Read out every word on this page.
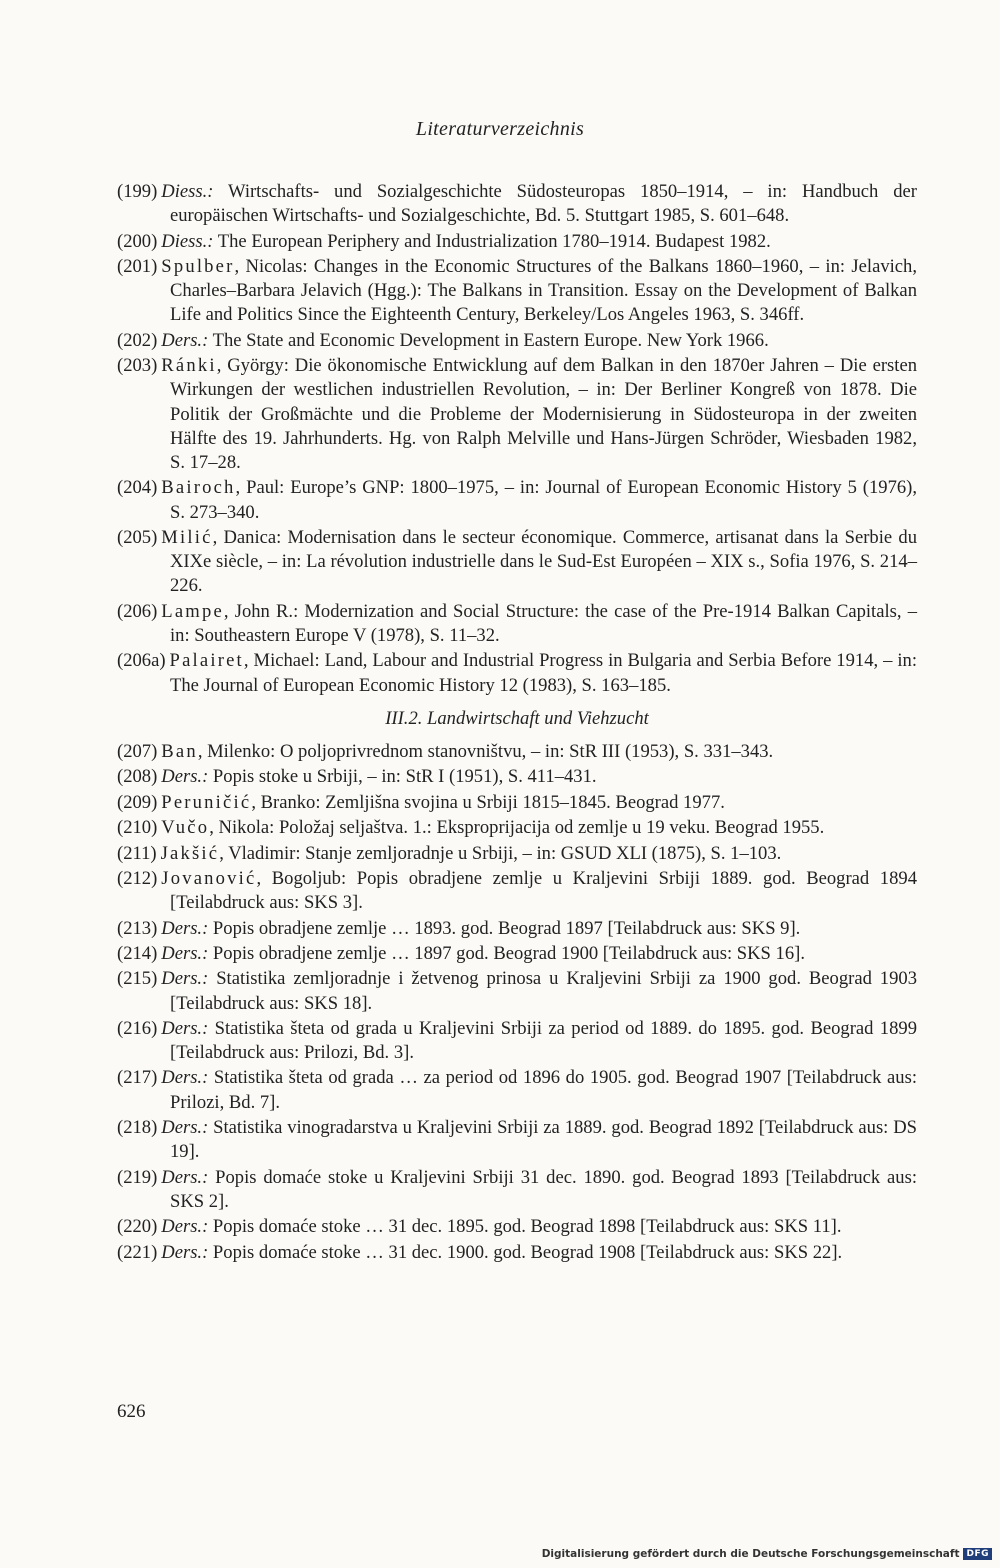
Literaturverzeichnis
(199) Diess.: Wirtschafts- und Sozialgeschichte Südosteuropas 1850–1914, – in: Handbuch der europäischen Wirtschafts- und Sozialgeschichte, Bd. 5. Stuttgart 1985, S. 601–648.
(200) Diess.: The European Periphery and Industrialization 1780–1914. Budapest 1982.
(201) Spulber, Nicolas: Changes in the Economic Structures of the Balkans 1860–1960, – in: Jelavich, Charles–Barbara Jelavich (Hgg.): The Balkans in Transition. Essay on the Development of Balkan Life and Politics Since the Eighteenth Century, Berkeley/Los Angeles 1963, S. 346ff.
(202) Ders.: The State and Economic Development in Eastern Europe. New York 1966.
(203) Ránki, György: Die ökonomische Entwicklung auf dem Balkan in den 1870er Jahren – Die ersten Wirkungen der westlichen industriellen Revolution, – in: Der Berliner Kongreß von 1878. Die Politik der Großmächte und die Probleme der Modernisierung in Südosteuropa in der zweiten Hälfte des 19. Jahrhunderts. Hg. von Ralph Melville und Hans-Jürgen Schröder, Wiesbaden 1982, S. 17–28.
(204) Bairoch, Paul: Europe’s GNP: 1800–1975, – in: Journal of European Economic History 5 (1976), S. 273–340.
(205) Milić, Danica: Modernisation dans le secteur économique. Commerce, artisanat dans la Serbie du XIXe siècle, – in: La révolution industrielle dans le Sud-Est Européen – XIX s., Sofia 1976, S. 214–226.
(206) Lampe, John R.: Modernization and Social Structure: the case of the Pre-1914 Balkan Capitals, – in: Southeastern Europe V (1978), S. 11–32.
(206a) Palairet, Michael: Land, Labour and Industrial Progress in Bulgaria and Serbia Before 1914, – in: The Journal of European Economic History 12 (1983), S. 163–185.
III.2. Landwirtschaft und Viehzucht
(207) Ban, Milenko: O poljoprivrednom stanovništvu, – in: StR III (1953), S. 331–343.
(208) Ders.: Popis stoke u Srbiji, – in: StR I (1951), S. 411–431.
(209) Peruničić, Branko: Zemljišna svojina u Srbiji 1815–1845. Beograd 1977.
(210) Vučo, Nikola: Položaj seljaštva. 1.: Eksproprijacija od zemlje u 19 veku. Beograd 1955.
(211) Jakšić, Vladimir: Stanje zemljoradnje u Srbiji, – in: GSUD XLI (1875), S. 1–103.
(212) Jovanović, Bogoljub: Popis obradjene zemlje u Kraljevini Srbiji 1889. god. Beograd 1894 [Teilabdruck aus: SKS 3].
(213) Ders.: Popis obradjene zemlje … 1893. god. Beograd 1897 [Teilabdruck aus: SKS 9].
(214) Ders.: Popis obradjene zemlje … 1897 god. Beograd 1900 [Teilabdruck aus: SKS 16].
(215) Ders.: Statistika zemljoradnje i žetvenog prinosa u Kraljevini Srbiji za 1900 god. Beograd 1903 [Teilabdruck aus: SKS 18].
(216) Ders.: Statistika šteta od grada u Kraljevini Srbiji za period od 1889. do 1895. god. Beograd 1899 [Teilabdruck aus: Prilozi, Bd. 3].
(217) Ders.: Statistika šteta od grada … za period od 1896 do 1905. god. Beograd 1907 [Teilabdruck aus: Prilozi, Bd. 7].
(218) Ders.: Statistika vinogradarstva u Kraljevini Srbiji za 1889. god. Beograd 1892 [Teilabdruck aus: DS 19].
(219) Ders.: Popis domaće stoke u Kraljevini Srbiji 31 dec. 1890. god. Beograd 1893 [Teilabdruck aus: SKS 2].
(220) Ders.: Popis domaće stoke … 31 dec. 1895. god. Beograd 1898 [Teilabdruck aus: SKS 11].
(221) Ders.: Popis domaće stoke … 31 dec. 1900. god. Beograd 1908 [Teilabdruck aus: SKS 22].
626
Digitalisierung gefördert durch die Deutsche Forschungsgemeinschaft DFG
